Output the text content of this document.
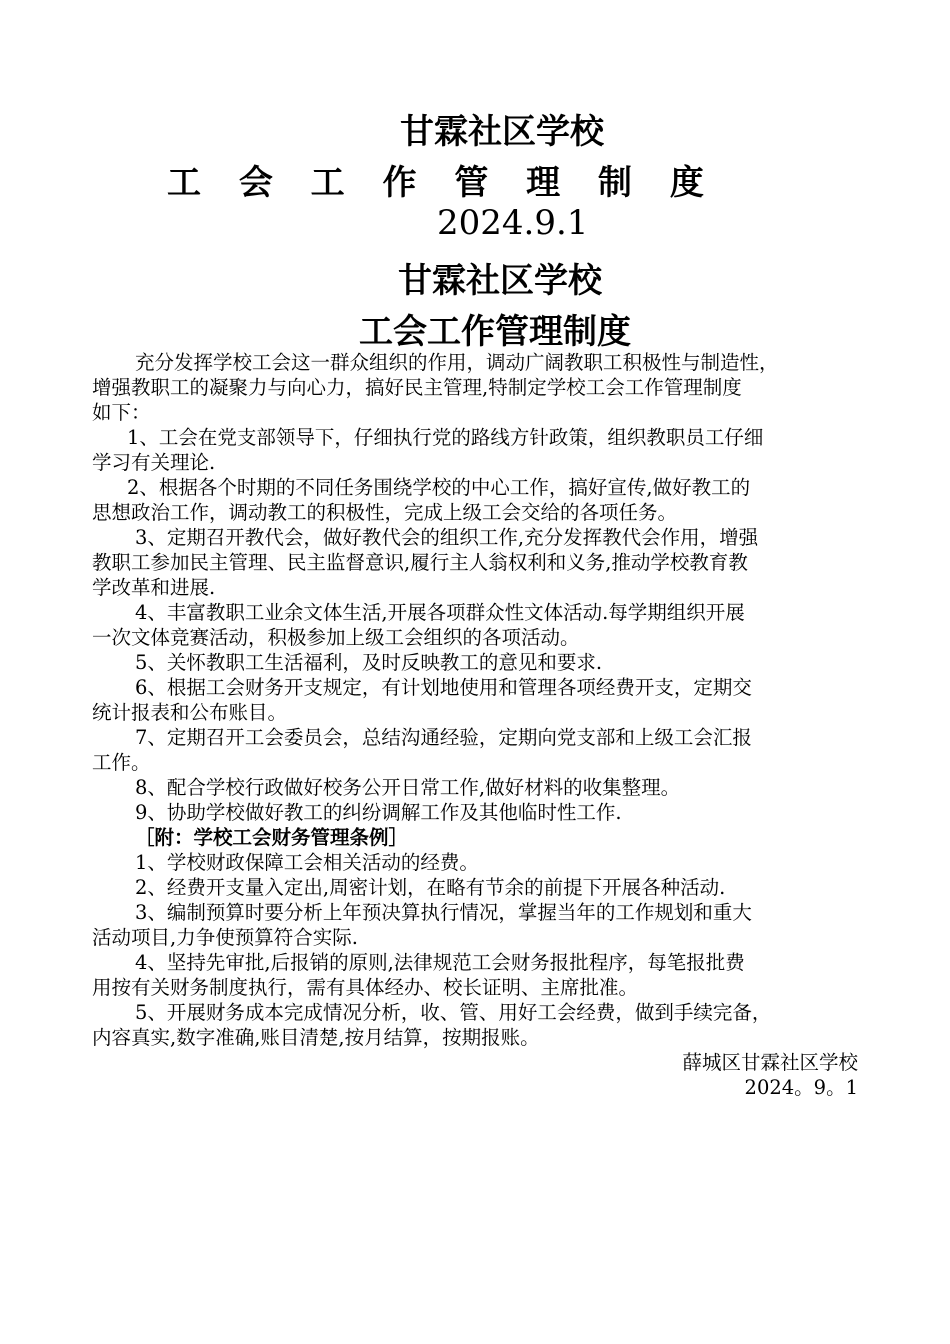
甘霖社区学校
工 会 工 作 管 理 制 度
2024.9.1
甘霖社区学校
工会工作管理制度
充分发挥学校工会这一群众组织的作用，调动广阔教职工积极性与制造性，
增强教职工的凝聚力与向心力，搞好民主管理,特制定学校工会工作管理制度
如下：
1、工会在党支部领导下，仔细执行党的路线方针政策，组织教职员工仔细
学习有关理论.
2、根据各个时期的不同任务围绕学校的中心工作，搞好宣传,做好教工的
思想政治工作，调动教工的积极性，完成上级工会交给的各项任务。
3、定期召开教代会，做好教代会的组织工作,充分发挥教代会作用，增强
教职工参加民主管理、民主监督意识,履行主人翁权利和义务,推动学校教育教
学改革和进展.
4、丰富教职工业余文体生活,开展各项群众性文体活动.每学期组织开展
一次文体竞赛活动，积极参加上级工会组织的各项活动。
5、关怀教职工生活福利，及时反映教工的意见和要求.
6、根据工会财务开支规定，有计划地使用和管理各项经费开支，定期交
统计报表和公布账目。
7、定期召开工会委员会，总结沟通经验，定期向党支部和上级工会汇报
工作。
8、配合学校行政做好校务公开日常工作,做好材料的收集整理。
9、协助学校做好教工的纠纷调解工作及其他临时性工作.
［附：学校工会财务管理条例］
1、学校财政保障工会相关活动的经费。
2、经费开支量入定出,周密计划，在略有节余的前提下开展各种活动.
3、编制预算时要分析上年预决算执行情况，掌握当年的工作规划和重大
活动项目,力争使预算符合实际.
4、坚持先审批,后报销的原则,法律规范工会财务报批程序，每笔报批费
用按有关财务制度执行，需有具体经办、校长证明、主席批准。
5、开展财务成本完成情况分析，收、管、用好工会经费，做到手续完备，
内容真实,数字准确,账目清楚,按月结算，按期报账。
薛城区甘霖社区学校
2024。9。1
